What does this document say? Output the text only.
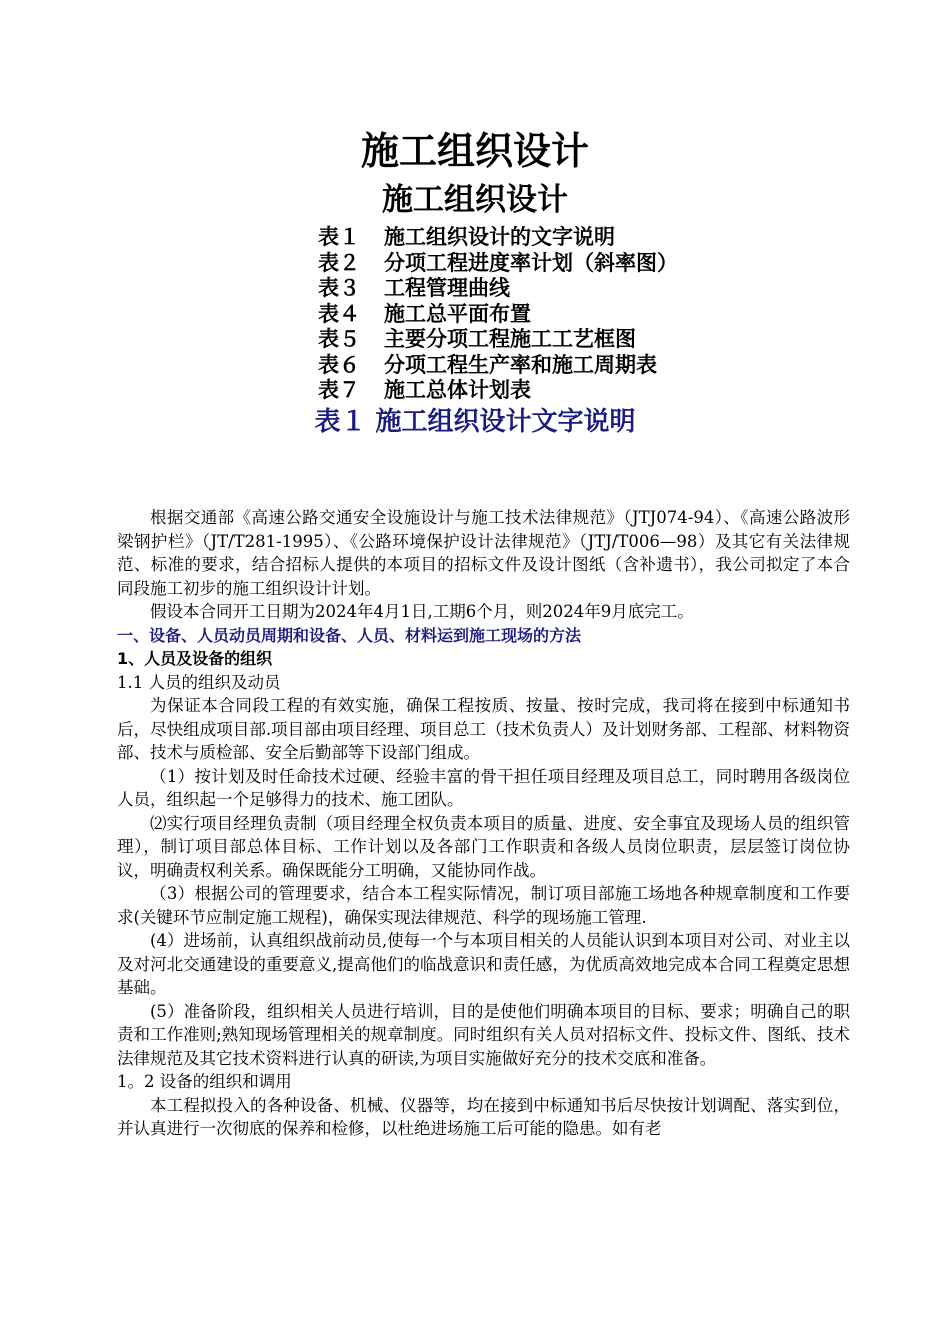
施工组织设计
施工组织设计
表１ 施工组织设计的文字说明
表２ 分项工程进度率计划（斜率图）
表３ 工程管理曲线
表４ 施工总平面布置
表５ 主要分项工程施工工艺框图
表６ 分项工程生产率和施工周期表
表７ 施工总体计划表
表１ 施工组织设计文字说明

根据交通部《高速公路交通安全设施设计与施工技术法律规范》（JTJ074-94）、《高速公路波形梁钢护栏》（JT/T281-1995）、《公路环境保护设计法律规范》（JTJ/T006—98）及其它有关法律规范、标准的要求，结合招标人提供的本项目的招标文件及设计图纸（含补遗书），我公司拟定了本合同段施工初步的施工组织设计计划。

假设本合同开工日期为2024年4月1日,工期6个月，则2024年9月底完工。

一、设备、人员动员周期和设备、人员、材料运到施工现场的方法

1、人员及设备的组织

1.1 人员的组织及动员

为保证本合同段工程的有效实施，确保工程按质、按量、按时完成，我司将在接到中标通知书后，尽快组成项目部.项目部由项目经理、项目总工（技术负责人）及计划财务部、工程部、材料物资部、技术与质检部、安全后勤部等下设部门组成。

（1）按计划及时任命技术过硬、经验丰富的骨干担任项目经理及项目总工，同时聘用各级岗位人员，组织起一个足够得力的技术、施工团队。

⑵实行项目经理负责制（项目经理全权负责本项目的质量、进度、安全事宜及现场人员的组织管理），制订项目部总体目标、工作计划以及各部门工作职责和各级人员岗位职责，层层签订岗位协议，明确责权利关系。确保既能分工明确，又能协同作战。

（3）根据公司的管理要求，结合本工程实际情况，制订项目部施工场地各种规章制度和工作要求(关键环节应制定施工规程)，确保实现法律规范、科学的现场施工管理.

(4）进场前，认真组织战前动员,使每一个与本项目相关的人员能认识到本项目对公司、对业主以及对河北交通建设的重要意义,提高他们的临战意识和责任感，为优质高效地完成本合同工程奠定思想基础。

(5）准备阶段，组织相关人员进行培训，目的是使他们明确本项目的目标、要求；明确自己的职责和工作准则;熟知现场管理相关的规章制度。同时组织有关人员对招标文件、投标文件、图纸、技术法律规范及其它技术资料进行认真的研读,为项目实施做好充分的技术交底和准备。

1。2 设备的组织和调用

本工程拟投入的各种设备、机械、仪器等，均在接到中标通知书后尽快按计划调配、落实到位，并认真进行一次彻底的保养和检修，以杜绝进场施工后可能的隐患。如有老
